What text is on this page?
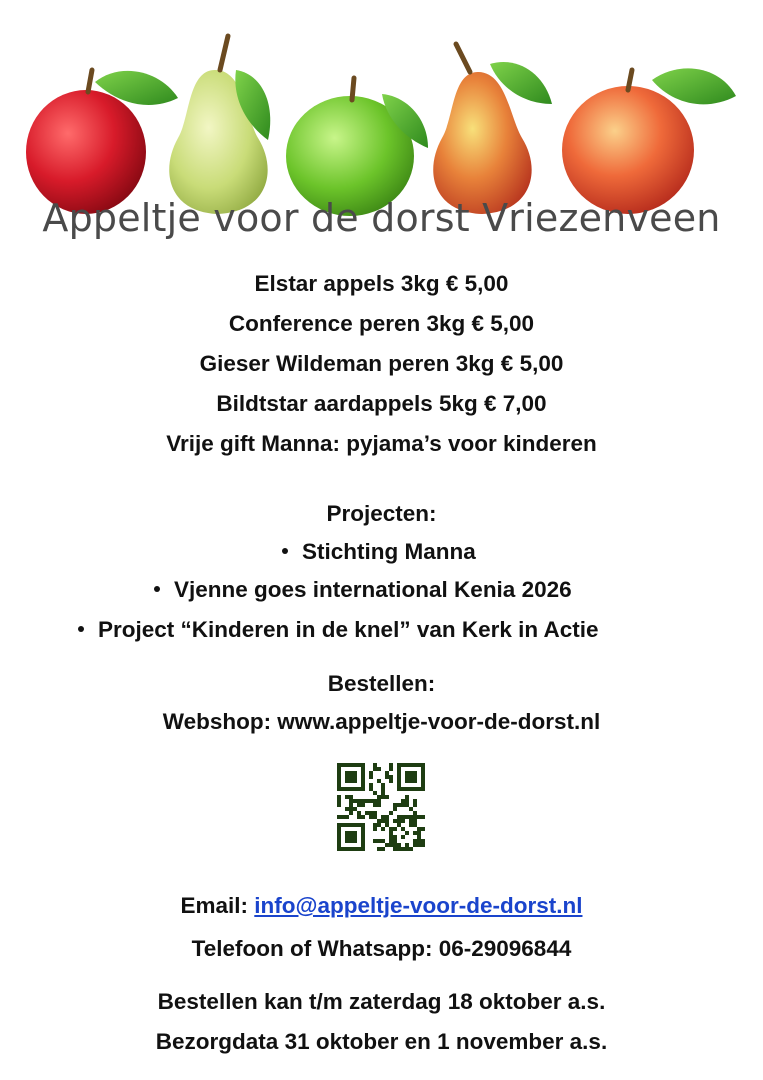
Appeltje voor de dorst Vriezenveen
Elstar appels 3kg € 5,00
Conference peren 3kg € 5,00
Gieser Wildeman peren 3kg € 5,00
Bildtstar aardappels 5kg € 7,00
Vrije gift Manna: pyjama’s voor kinderen
Projecten:
Stichting Manna
Vjenne goes international Kenia 2026
Project “Kinderen in de knel” van Kerk in Actie
Bestellen:
Webshop: www.appeltje-voor-de-dorst.nl
Email: info@appeltje-voor-de-dorst.nl
Telefoon of Whatsapp: 06-29096844
Bestellen kan t/m zaterdag 18 oktober a.s.
Bezorgdata 31 oktober en 1 november a.s.
